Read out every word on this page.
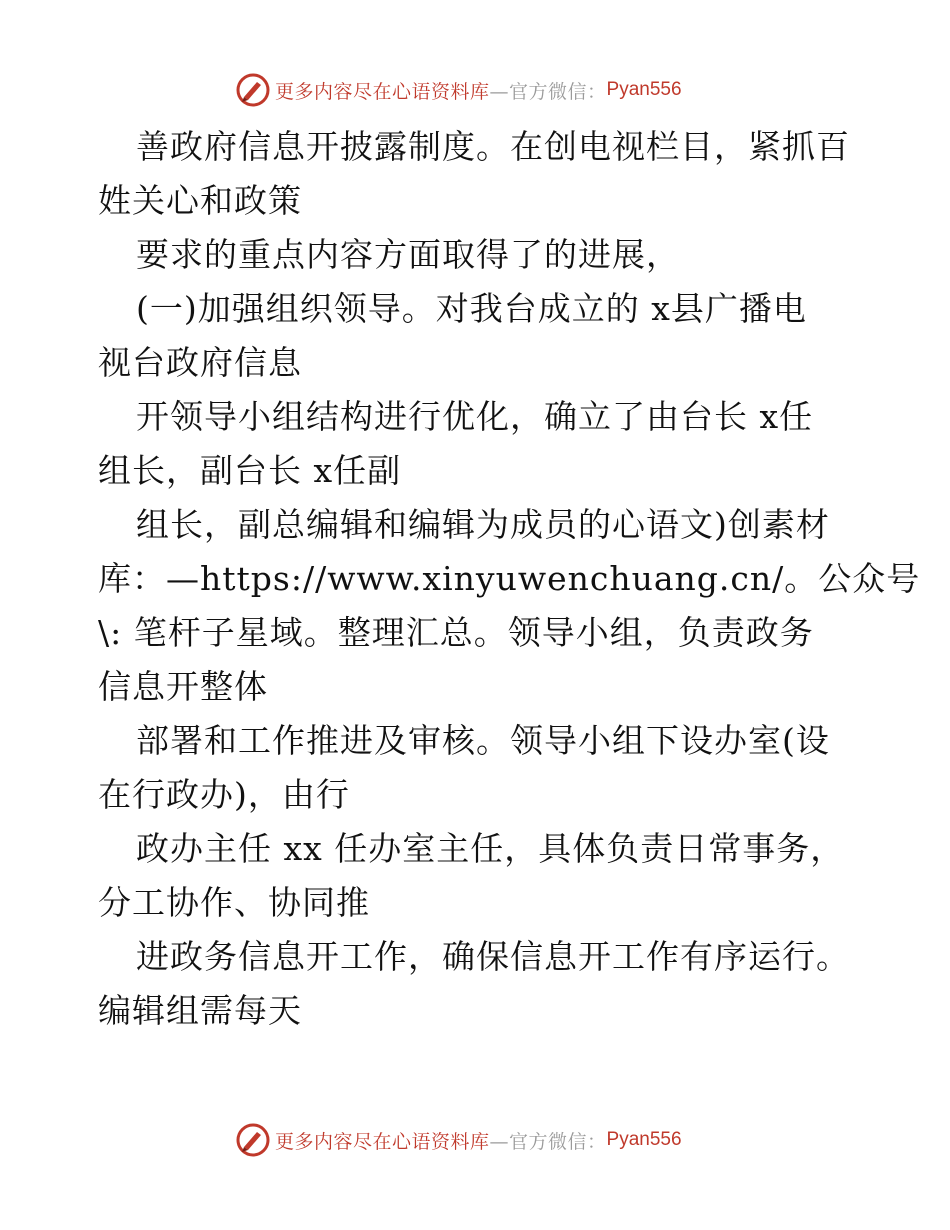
更多内容尽在心语资料库 —官方微信： Pyan556
善政府信息开披露制度。在创电视栏目，紧抓百
姓关心和政策
要求的重点内容方面取得了的进展，
(一)加强组织领导。对我台成立的 x县广播电
视台政府信息
开领导小组结构进行优化，确立了由台长 x任
组长，副台长 x任副
组长，副总编辑和编辑为成员的心语文)创素材
库：—https://www.xinyuwenchuang.cn/。公众号
\: 笔杆子星域。整理汇总。领导小组，负责政务
信息开整体
部署和工作推进及审核。领导小组下设办室(设
在行政办)，由行
政办主任 xx 任办室主任，具体负责日常事务，
分工协作、协同推
进政务信息开工作，确保信息开工作有序运行。
编辑组需每天
更多内容尽在心语资料库 —官方微信： Pyan556
